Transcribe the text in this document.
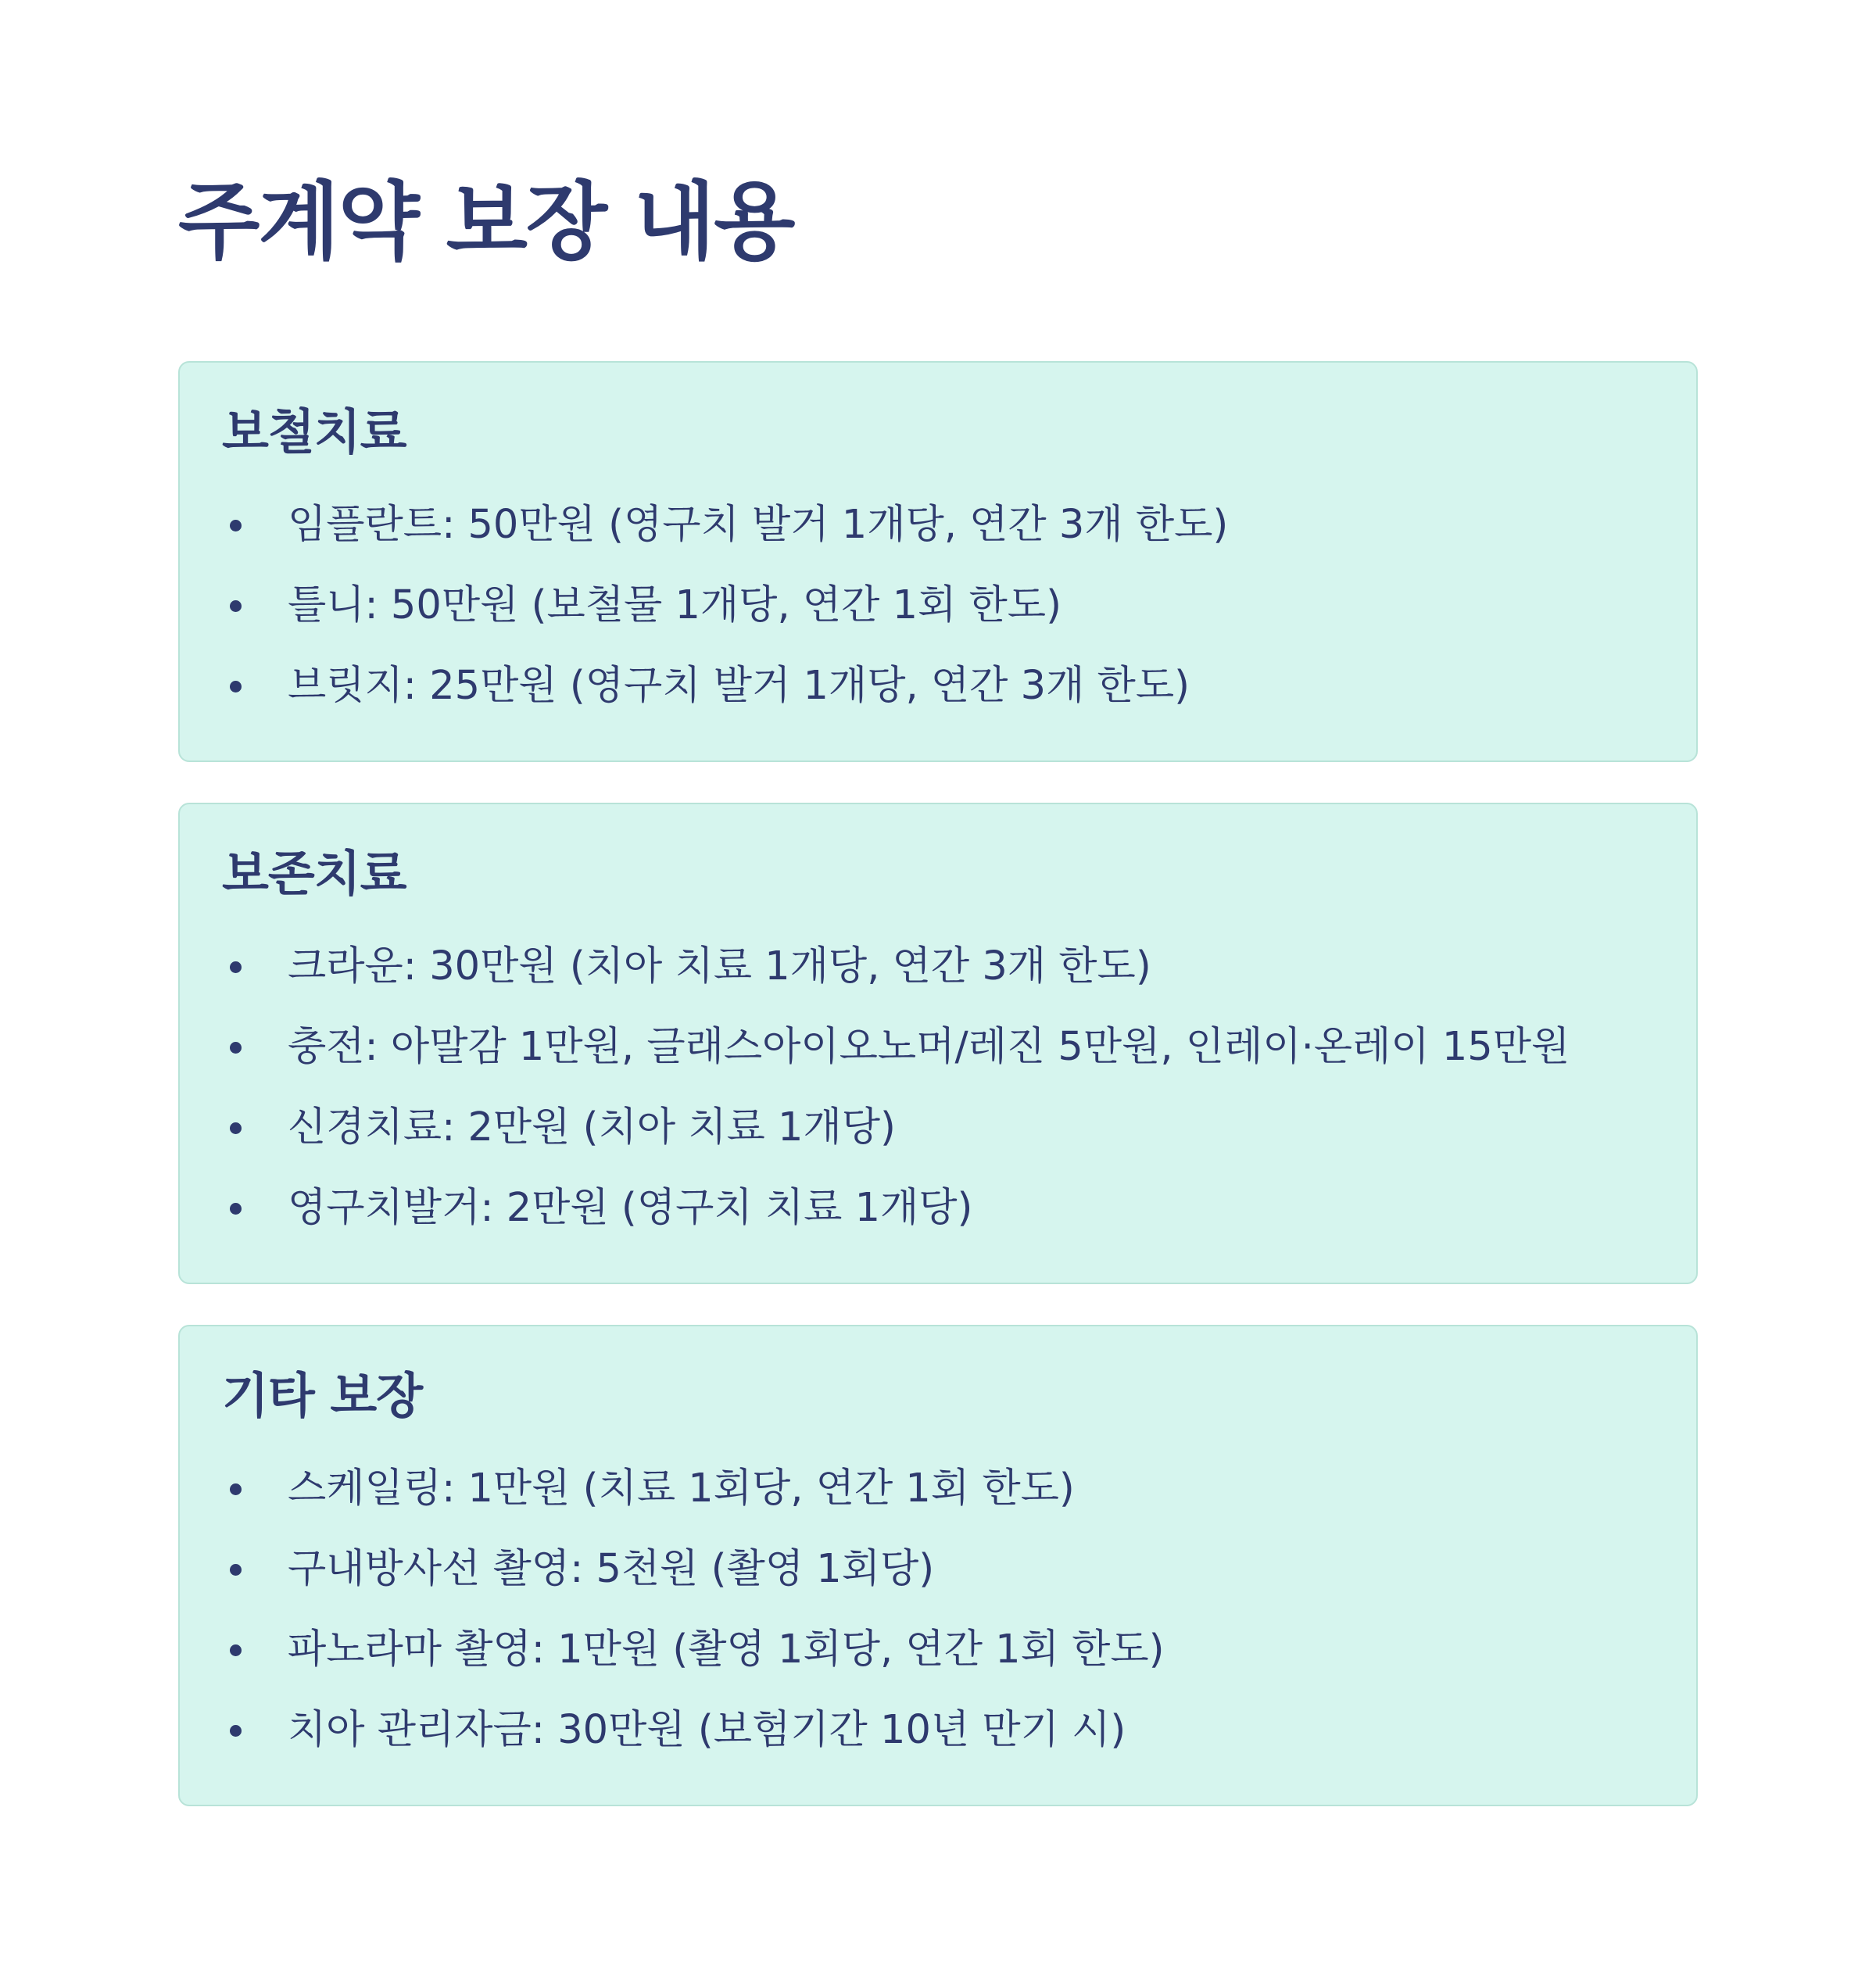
주계약 보장 내용
보철치료
임플란트: 50만원 (영구치 발거 1개당, 연간 3개 한도)
틀니: 50만원 (보철물 1개당, 연간 1회 한도)
브릿지: 25만원 (영구치 발거 1개당, 연간 3개 한도)
보존치료
크라운: 30만원 (치아 치료 1개당, 연간 3개 한도)
충전: 아말감 1만원, 글래스아이오노머/레진 5만원, 인레이·온레이 15만원
신경치료: 2만원 (치아 치료 1개당)
영구치발거: 2만원 (영구치 치료 1개당)
기타 보장
스케일링: 1만원 (치료 1회당, 연간 1회 한도)
구내방사선 촬영: 5천원 (촬영 1회당)
파노라마 촬영: 1만원 (촬영 1회당, 연간 1회 한도)
치아 관리자금: 30만원 (보험기간 10년 만기 시)
